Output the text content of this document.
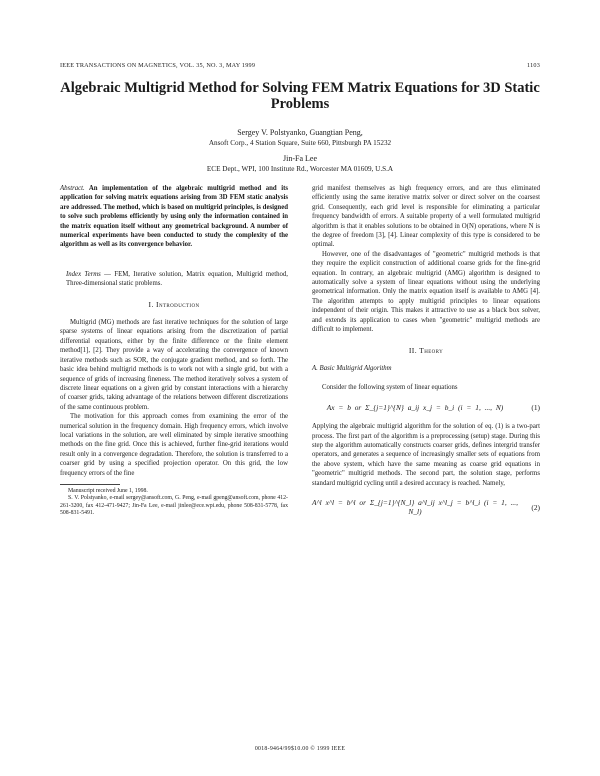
IEEE TRANSACTIONS ON MAGNETICS, VOL. 35, NO. 3, MAY 1999	1103
Algebraic Multigrid Method for Solving FEM Matrix Equations for 3D Static Problems
Sergey V. Polstyanko, Guangtian Peng,
Ansoft Corp., 4 Station Square, Suite 660, Pittsburgh PA 15232
Jin-Fa Lee
ECE Dept., WPI, 100 Institute Rd., Worcester MA 01609, U.S.A
Abstract. An implementation of the algebraic multigrid method and its application for solving matrix equations arising from 3D FEM static analysis are addressed. The method, which is based on multigrid principles, is designed to solve such problems efficiently by using only the information contained in the matrix equation itself without any geometrical background. A number of numerical experiments have been conducted to study the complexity of the algorithm as well as its convergence behavior.
Index Terms — FEM, Iterative solution, Matrix equation, Multigrid method, Three-dimensional static problems.
I. Introduction

Multigrid (MG) methods are fast iterative techniques for the solution of large sparse systems of linear equations arising from the discretization of partial differential equations, either by the finite difference or the finite element method[1], [2]. They provide a way of accelerating the convergence of known iterative methods such as SOR, the conjugate gradient method, and so forth. The basic idea behind multigrid methods is to work not with a single grid, but with a sequence of grids of increasing fineness. The method iteratively solves a system of discrete linear equations on a given grid by constant interactions with a hierarchy of coarser grids, taking advantage of the relations between different discretizations of the same continuous problem.

The motivation for this approach comes from examining the error of the numerical solution in the frequency domain. High frequency errors, which involve local variations in the solution, are well eliminated by simple iterative smoothing methods on the fine grid. Once this is achieved, further fine-grid iterations would result only in a convergence degradation. Therefore, the solution is transferred to a coarser grid by using a specified projection operator. On this grid, the low frequency errors of the fine

Manuscript received June 1, 1998.

S. V. Polstyanko, e-mail sergey@ansoft.com, G. Peng, e-mail gpeng@ansoft.com, phone 412-261-3200, fax 412-471-9427; Jin-Fa Lee, e-mail jinlee@ece.wpi.edu, phone 508-831-5778, fax 508-831-5491.

grid manifest themselves as high frequency errors, and are thus eliminated efficiently using the same iterative matrix solver or direct solver on the coarsest grid. Consequently, each grid level is responsible for eliminating a particular frequency bandwidth of errors. A suitable property of a well formulated multigrid algorithm is that it enables solutions to be obtained in O(N) operations, where N is the degree of freedom [3], [4]. Linear complexity of this type is considered to be optimal.

However, one of the disadvantages of "geometric" multigrid methods is that they require the explicit construction of additional coarse grids for the fine-grid equation. In contrary, an algebraic multigrid (AMG) algorithm is designed to automatically solve a system of linear equations without using the underlying geometrical information. Only the matrix equation itself is available to AMG [4]. The algorithm attempts to apply multigrid principles to linear equations independent of their origin. This makes it attractive to use as a black box solver, and extends its application to cases when "geometric" multigrid methods are difficult to implement.

II. Theory
A. Basic Multigrid Algorithm

Consider the following system of linear equations

Ax = b or Σ_{j=1}^{N} a_ij x_j = b_i (i = 1, ..., N)	(1)

Applying the algebraic multigrid algorithm for the solution of eq. (1) is a two-part process. The first part of the algorithm is a preprocessing (setup) stage. During this step the algorithm automatically constructs coarser grids, defines intergrid transfer operators, and generates a sequence of increasingly smaller sets of equations from the above system, which have the same meaning as coarse grid equations in "geometric" multigrid methods. The second part, the solution stage, performs standard multigrid cycling until a desired accuracy is reached. Namely,

A^l x^l = b^l or Σ_{j=1}^{N_l} a^l_ij x^l_j = b^l_i (i = 1, ..., N_l)
(2)
0018-9464/99$10.00 © 1999 IEEE
